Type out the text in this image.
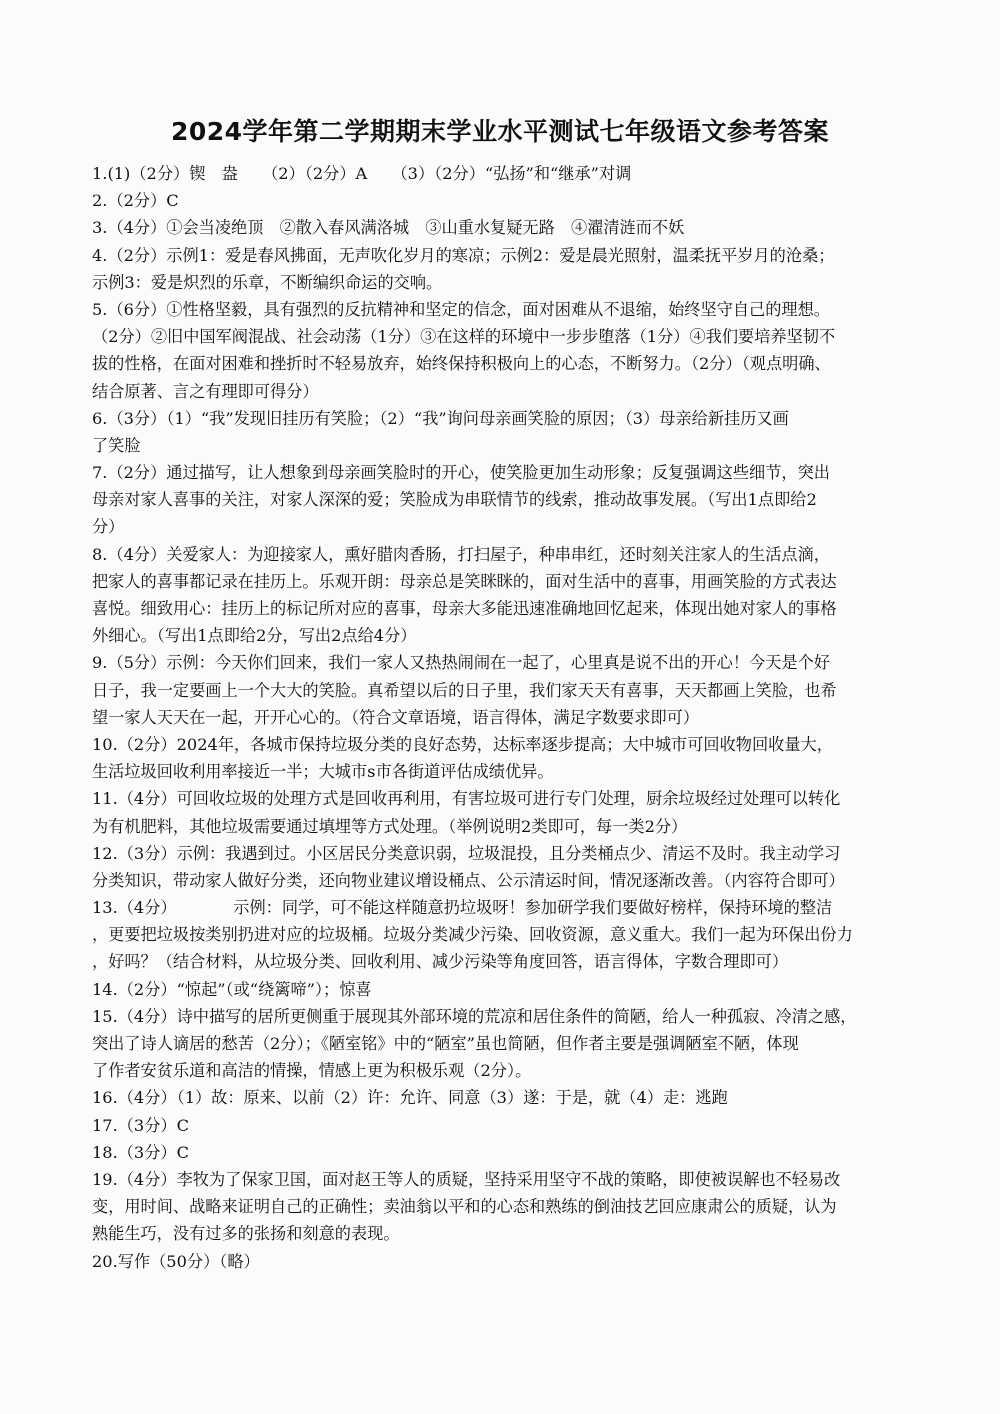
2024学年第二学期期末学业水平测试七年级语文参考答案
1.(1)（2分）锲　盎　　（2）（2分）A　　（3）（2分）“弘扬”和“继承”对调
2.（2分）C
3.（4分）①会当凌绝顶　②散入春风满洛城　③山重水复疑无路　④濯清涟而不妖
4.（2分）示例1：爱是春风拂面，无声吹化岁月的寒凉；示例2：爱是晨光照射，温柔抚平岁月的沧桑；
示例3：爱是炽烈的乐章，不断编织命运的交响。
5.（6分）①性格坚毅，具有强烈的反抗精神和坚定的信念，面对困难从不退缩，始终坚守自己的理想。
（2分）②旧中国军阀混战、社会动荡（1分）③在这样的环境中一步步堕落（1分）④我们要培养坚韧不
拔的性格，在面对困难和挫折时不轻易放弃，始终保持积极向上的心态，不断努力。（2分）（观点明确、
结合原著、言之有理即可得分）
6.（3分）（1）“我”发现旧挂历有笑脸；（2）“我”询问母亲画笑脸的原因；（3）母亲给新挂历又画
了笑脸
7.（2分）通过描写，让人想象到母亲画笑脸时的开心，使笑脸更加生动形象；反复强调这些细节，突出
母亲对家人喜事的关注，对家人深深的爱；笑脸成为串联情节的线索，推动故事发展。（写出1点即给2
分）
8.（4分）关爱家人：为迎接家人，熏好腊肉香肠，打扫屋子，种串串红，还时刻关注家人的生活点滴，
把家人的喜事都记录在挂历上。乐观开朗：母亲总是笑眯眯的，面对生活中的喜事，用画笑脸的方式表达
喜悦。细致用心：挂历上的标记所对应的喜事，母亲大多能迅速准确地回忆起来，体现出她对家人的事格
外细心。（写出1点即给2分，写出2点给4分）
9.（5分）示例：今天你们回来，我们一家人又热热闹闹在一起了，心里真是说不出的开心！今天是个好
日子，我一定要画上一个大大的笑脸。真希望以后的日子里，我们家天天有喜事，天天都画上笑脸，也希
望一家人天天在一起，开开心心的。（符合文章语境，语言得体，满足字数要求即可）
10.（2分）2024年，各城市保持垃圾分类的良好态势，达标率逐步提高；大中城市可回收物回收量大，
生活垃圾回收利用率接近一半；大城市s市各街道评估成绩优异。
11.（4分）可回收垃圾的处理方式是回收再利用，有害垃圾可进行专门处理，厨余垃圾经过处理可以转化
为有机肥料，其他垃圾需要通过填埋等方式处理。（举例说明2类即可，每一类2分）
12.（3分）示例：我遇到过。小区居民分类意识弱，垃圾混投，且分类桶点少、清运不及时。我主动学习
分类知识，带动家人做好分类，还向物业建议增设桶点、公示清运时间，情况逐渐改善。（内容符合即可）
13.（4分）　　　　示例：同学，可不能这样随意扔垃圾呀！参加研学我们要做好榜样，保持环境的整洁
，更要把垃圾按类别扔进对应的垃圾桶。垃圾分类减少污染、回收资源，意义重大。我们一起为环保出份力
，好吗？（结合材料，从垃圾分类、回收利用、减少污染等角度回答，语言得体，字数合理即可）
14.（2分）“惊起”（或“绕篱啼”）；惊喜
15.（4分）诗中描写的居所更侧重于展现其外部环境的荒凉和居住条件的简陋，给人一种孤寂、冷清之感，
突出了诗人谪居的愁苦（2分）；《陋室铭》中的“陋室”虽也简陋，但作者主要是强调陋室不陋，体现
了作者安贫乐道和高洁的情操，情感上更为积极乐观（2分）。
16.（4分）（1）故：原来、以前（2）许：允许、同意（3）遂：于是，就（4）走：逃跑
17.（3分）C
18.（3分）C
19.（4分）李牧为了保家卫国，面对赵王等人的质疑，坚持采用坚守不战的策略，即使被误解也不轻易改
变，用时间、战略来证明自己的正确性；卖油翁以平和的心态和熟练的倒油技艺回应康肃公的质疑，认为
熟能生巧，没有过多的张扬和刻意的表现。
20.写作（50分）（略）
